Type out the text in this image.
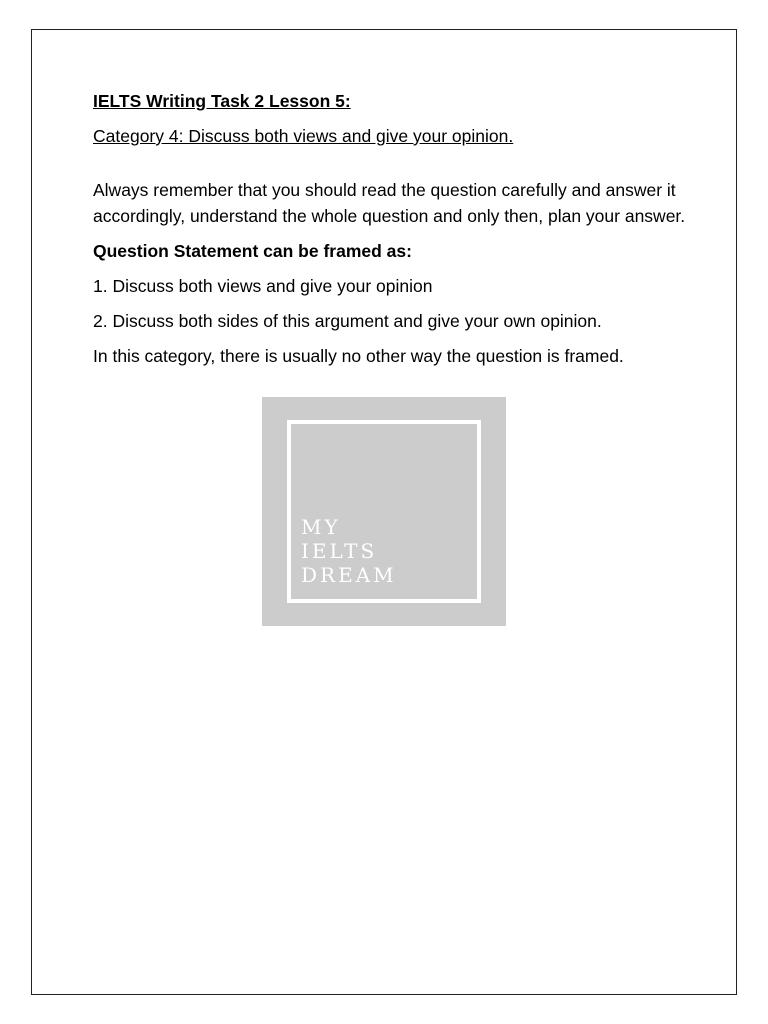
IELTS Writing Task 2 Lesson 5:

Category 4: Discuss both views and give your opinion.

Always remember that you should read the question carefully and answer it accordingly, understand the whole question and only then, plan your answer.

Question Statement can be framed as:

1. Discuss both views and give your opinion

2. Discuss both sides of this argument and give your own opinion.

In this category, there is usually no other way the question is framed.

MY
IELTS
DREAM
